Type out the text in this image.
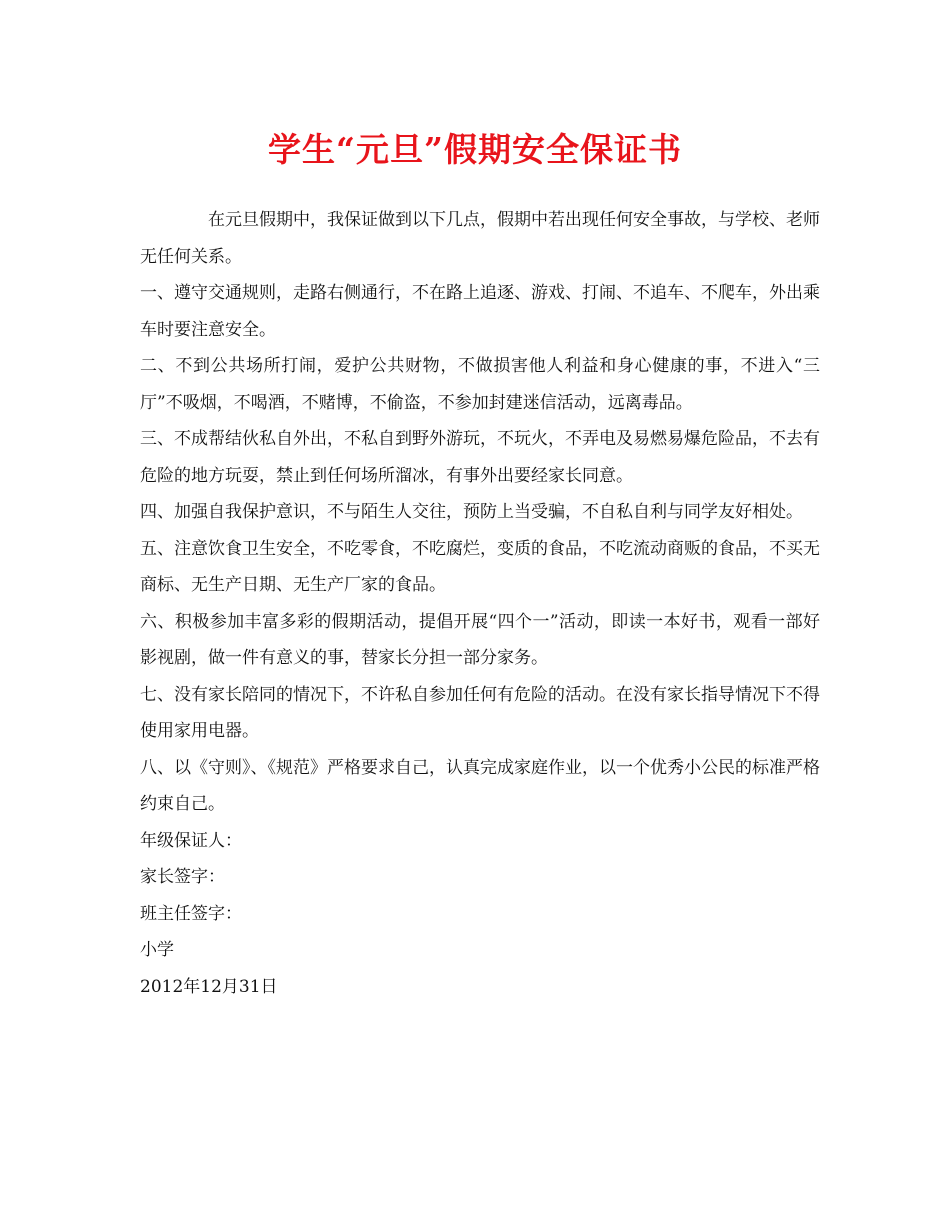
学生“元旦”假期安全保证书

在元旦假期中，我保证做到以下几点，假期中若出现任何安全事故，与学校、老师无任何关系。

一、遵守交通规则，走路右侧通行，不在路上追逐、游戏、打闹、不追车、不爬车，外出乘车时要注意安全。

二、不到公共场所打闹，爱护公共财物，不做损害他人利益和身心健康的事，不进入“三厅”不吸烟，不喝酒，不赌博，不偷盗，不参加封建迷信活动，远离毒品。

三、不成帮结伙私自外出，不私自到野外游玩，不玩火，不弄电及易燃易爆危险品，不去有危险的地方玩耍，禁止到任何场所溜冰，有事外出要经家长同意。

四、加强自我保护意识，不与陌生人交往，预防上当受骗，不自私自利与同学友好相处。

五、注意饮食卫生安全，不吃零食，不吃腐烂，变质的食品，不吃流动商贩的食品，不买无商标、无生产日期、无生产厂家的食品。

六、积极参加丰富多彩的假期活动，提倡开展“四个一”活动，即读一本好书，观看一部好影视剧，做一件有意义的事，替家长分担一部分家务。

七、没有家长陪同的情况下，不许私自参加任何有危险的活动。在没有家长指导情况下不得使用家用电器。

八、以《守则》、《规范》严格要求自己，认真完成家庭作业，以一个优秀小公民的标准严格约束自己。

年级保证人：

家长签字：

班主任签字：

小学

2012年12月31日
